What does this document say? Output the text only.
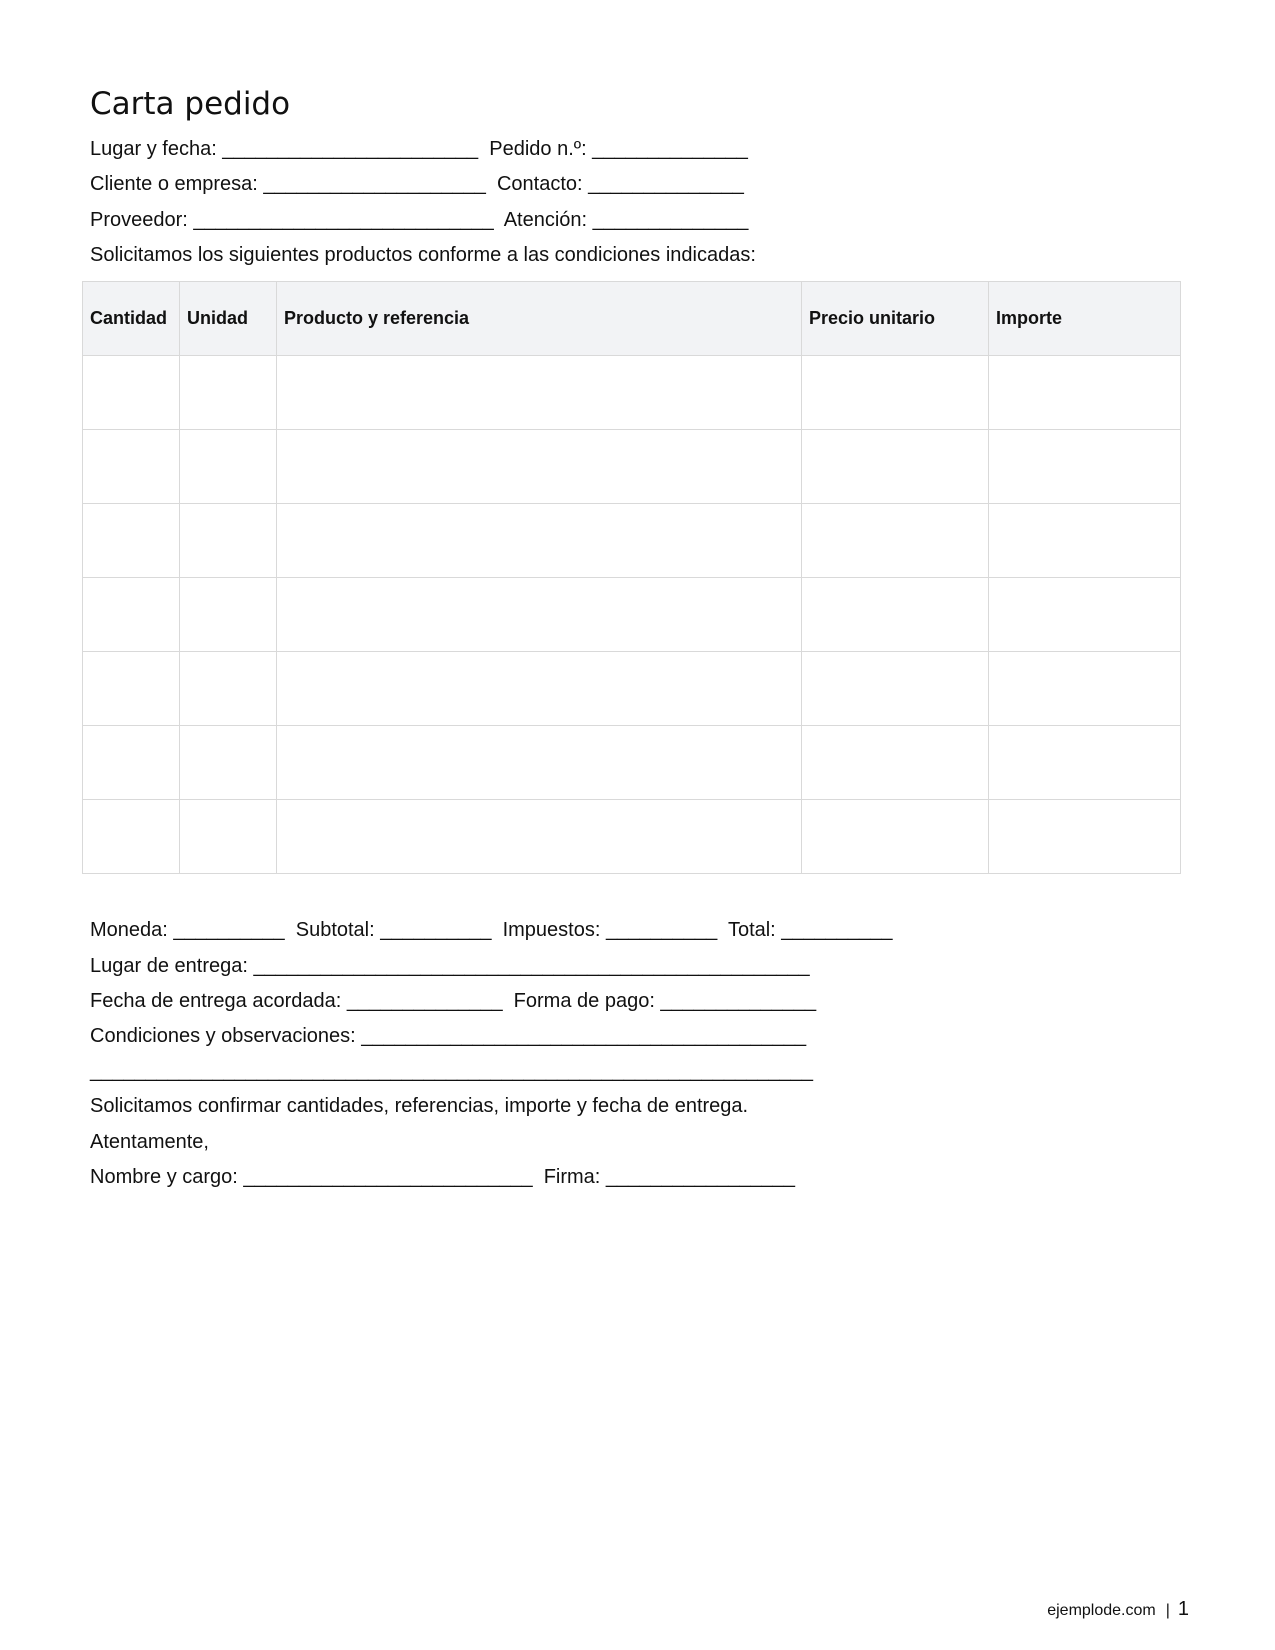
Carta pedido
Lugar y fecha: _______________________  Pedido n.º: ______________
Cliente o empresa: ____________________  Contacto: ______________
Proveedor: ___________________________  Atención: ______________
Solicitamos los siguientes productos conforme a las condiciones indicadas:
Cantidad	Unidad	Producto y referencia	Precio unitario	Importe

Moneda: __________  Subtotal: __________  Impuestos: __________  Total: __________
Lugar de entrega: __________________________________________________
Fecha de entrega acordada: ______________  Forma de pago: ______________
Condiciones y observaciones: ________________________________________
_________________________________________________________________
Solicitamos confirmar cantidades, referencias, importe y fecha de entrega.
Atentamente,
Nombre y cargo: __________________________  Firma: _________________
ejemplode.com | 1
